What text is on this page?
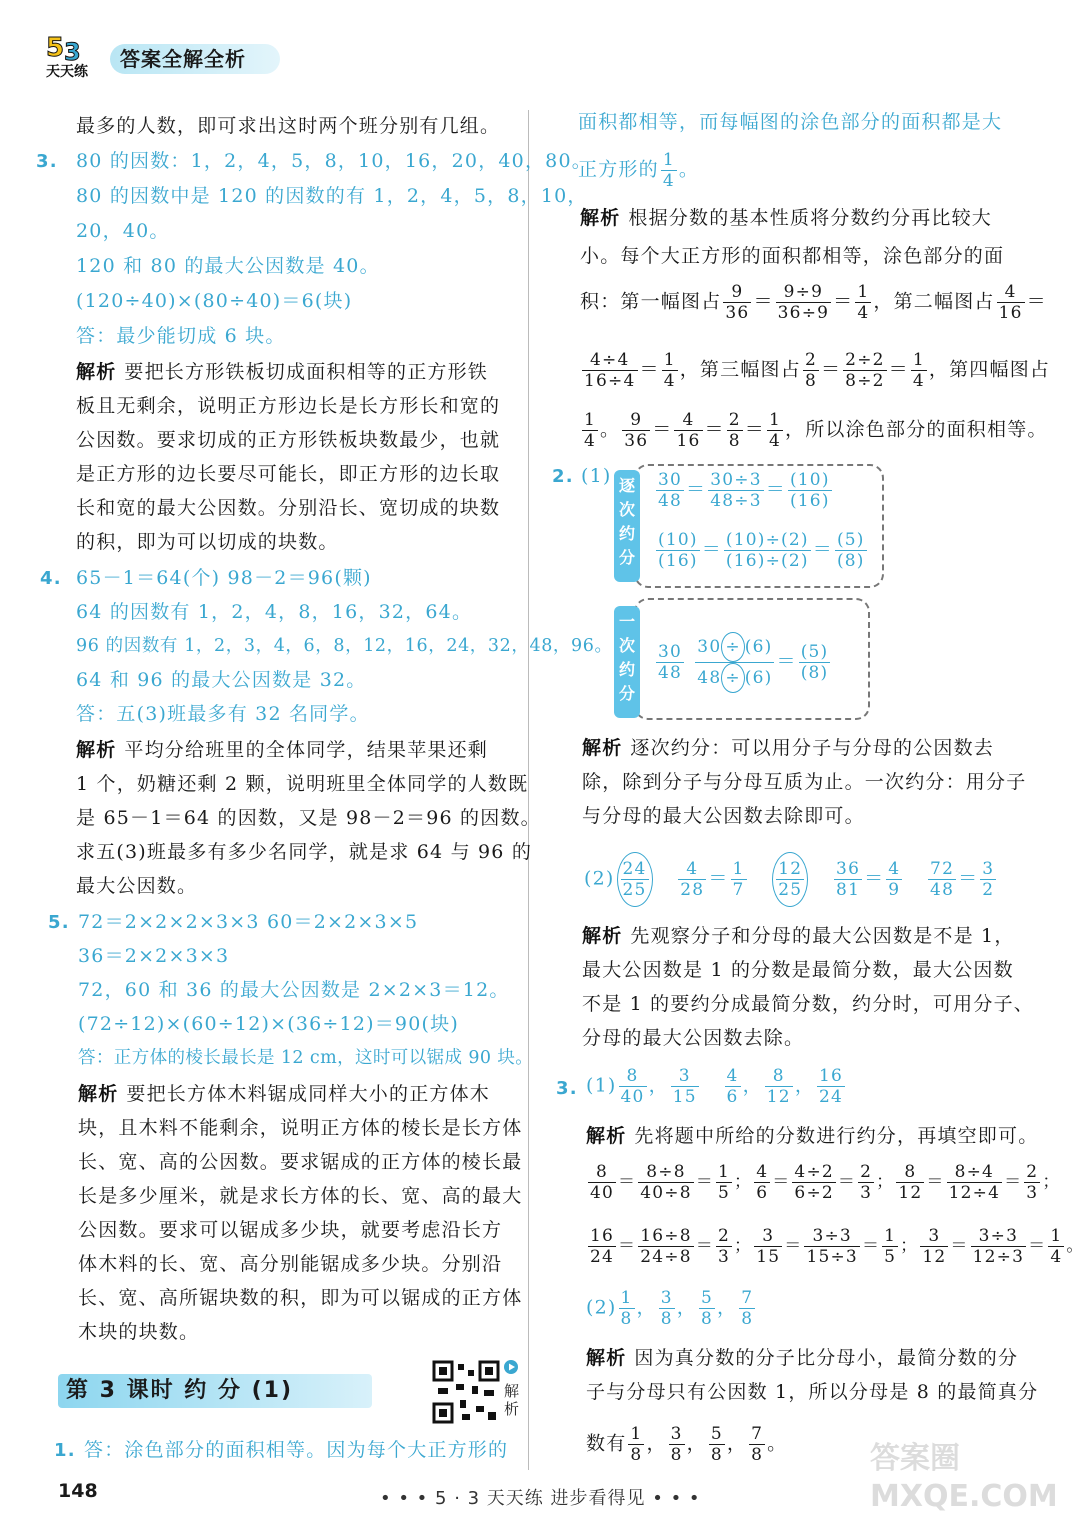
5 3
天天练
答案全解全析
最多的人数，即可求出这时两个班分别有几组。
3. 80 的因数：1，2，4，5，8，10，16，20，40，80。
80 的因数中是 120 的因数的有 1，2，4，5，8，10，
20，40。
120 和 80 的最大公因数是 40。
(120÷40)×(80÷40)＝6(块)
答：最少能切成 6 块。
解析 要把长方形铁板切成面积相等的正方形铁
板且无剩余，说明正方形边长是长方形长和宽的
公因数。要求切成的正方形铁板块数最少，也就
是正方形的边长要尽可能长，即正方形的边长取
长和宽的最大公因数。分别沿长、宽切成的块数
的积，即为可以切成的块数。
4. 65－1＝64(个) 98－2＝96(颗)
64 的因数有 1，2，4，8，16，32，64。
96 的因数有 1，2，3，4，6，8，12，16，24，32，48，96。
64 和 96 的最大公因数是 32。
答：五(3)班最多有 32 名同学。
解析 平均分给班里的全体同学，结果苹果还剩
1 个，奶糖还剩 2 颗，说明班里全体同学的人数既
是 65－1＝64 的因数，又是 98－2＝96 的因数。
求五(3)班最多有多少名同学，就是求 64 与 96 的
最大公因数。
5. 72＝2×2×2×3×3 60＝2×2×3×5
36＝2×2×3×3
72，60 和 36 的最大公因数是 2×2×3＝12。
(72÷12)×(60÷12)×(36÷12)＝90(块)
答：正方体的棱长最长是 12 cm，这时可以锯成 90 块。
解析 要把长方体木料锯成同样大小的正方体木
块，且木料不能剩余，说明正方体的棱长是长方体
长、宽、高的公因数。要求锯成的正方体的棱长最
长是多少厘米，就是求长方体的长、宽、高的最大
公因数。要求可以锯成多少块，就要考虑沿长方
体木料的长、宽、高分别能锯成多少块。分别沿
长、宽、高所锯块数的积，即为可以锯成的正方体
木块的块数。
第 3 课时 约 分 (1)	解析
1. 答：涂色部分的面积相等。因为每个大正方形的
面积都相等，而每幅图的涂色部分的面积都是大
正方形的 $\frac{1}{4}$ 。
解析 根据分数的基本性质将分数约分再比较大
小。每个大正方形的面积都相等，涂色部分的面
积：第一幅图占 $\frac{9}{36} = \frac{9\div 9}{36\div 9} = \frac{1}{4}$ ，第二幅图占 $\frac{4}{16}$ ＝
$\frac{4\div 4}{16\div 4} = \frac{1}{4}$ ，第三幅图占 $\frac{2}{8} = \frac{2\div 2}{8\div 2} = \frac{1}{4}$ ，第四幅图占
$\frac{1}{4}$ 。 $\frac{9}{36} = \frac{4}{16} = \frac{2}{8} = \frac{1}{4}$ ，所以涂色部分的面积相等。
2. (1) 逐次约分
$\frac{30}{48} = \frac{30\div 3}{48\div 3} = \frac{(10)}{(16)}$
$\frac{(10)}{(16)} = \frac{(10)\div(2)}{(16)\div(2)} = \frac{(5)}{(8)}$
一次约分
$\frac{30}{48}$
$\frac{30 \div (6)}{48 \div (6)} = \frac{(5)}{(8)}$
解析 逐次约分：可以用分子与分母的公因数去
除，除到分子与分母互质为止。一次约分：用分子
与分母的最大公因数去除即可。
$(2) \frac{24}{25}$
$\frac{4}{28} = \frac{1}{7}$
$\frac{12}{25}$
$\frac{36}{81} = \frac{4}{9}$
$\frac{72}{48} = \frac{3}{2}$
解析 先观察分子和分母的最大公因数是不是 1，
最大公因数是 1 的分数是最简分数，最大公因数
不是 1 的要约分成最简分数，约分时，可用分子、
分母的最大公因数去除。
3. $(1) \frac{8}{40}$ ， $\frac{3}{15}$
$\frac{4}{6}$ ， $\frac{8}{12}$ ， $\frac{16}{24}$
解析 先将题中所给的分数进行约分，再填空即可。
$\frac{8}{40} = \frac{8\div 8}{40\div 8} = \frac{1}{5}$ ； $\frac{4}{6} = \frac{4\div 2}{6\div 2} = \frac{2}{3}$ ； $\frac{8}{12} = \frac{8\div 4}{12\div 4} = \frac{2}{3}$ ；
$\frac{16}{24} = \frac{16\div 8}{24\div 8} = \frac{2}{3}$ ； $\frac{3}{15} = \frac{3\div 3}{15\div 3} = \frac{1}{5}$ ； $\frac{3}{12} = \frac{3\div 3}{12\div 3} = \frac{1}{4}$ 。
$(2) \frac{1}{8}$ ， $\frac{3}{8}$ ， $\frac{5}{8}$ ， $\frac{7}{8}$
解析 因为真分数的分子比分母小，最简分数的分
子与分母只有公因数 1，所以分母是 8 的最简真分
数有 $\frac{1}{8}$ ， $\frac{3}{8}$ ， $\frac{5}{8}$ ， $\frac{7}{8}$ 。
148	• • • 5 · 3 天天练 进步看得见 • • •
答案圈 MXQE.COM
